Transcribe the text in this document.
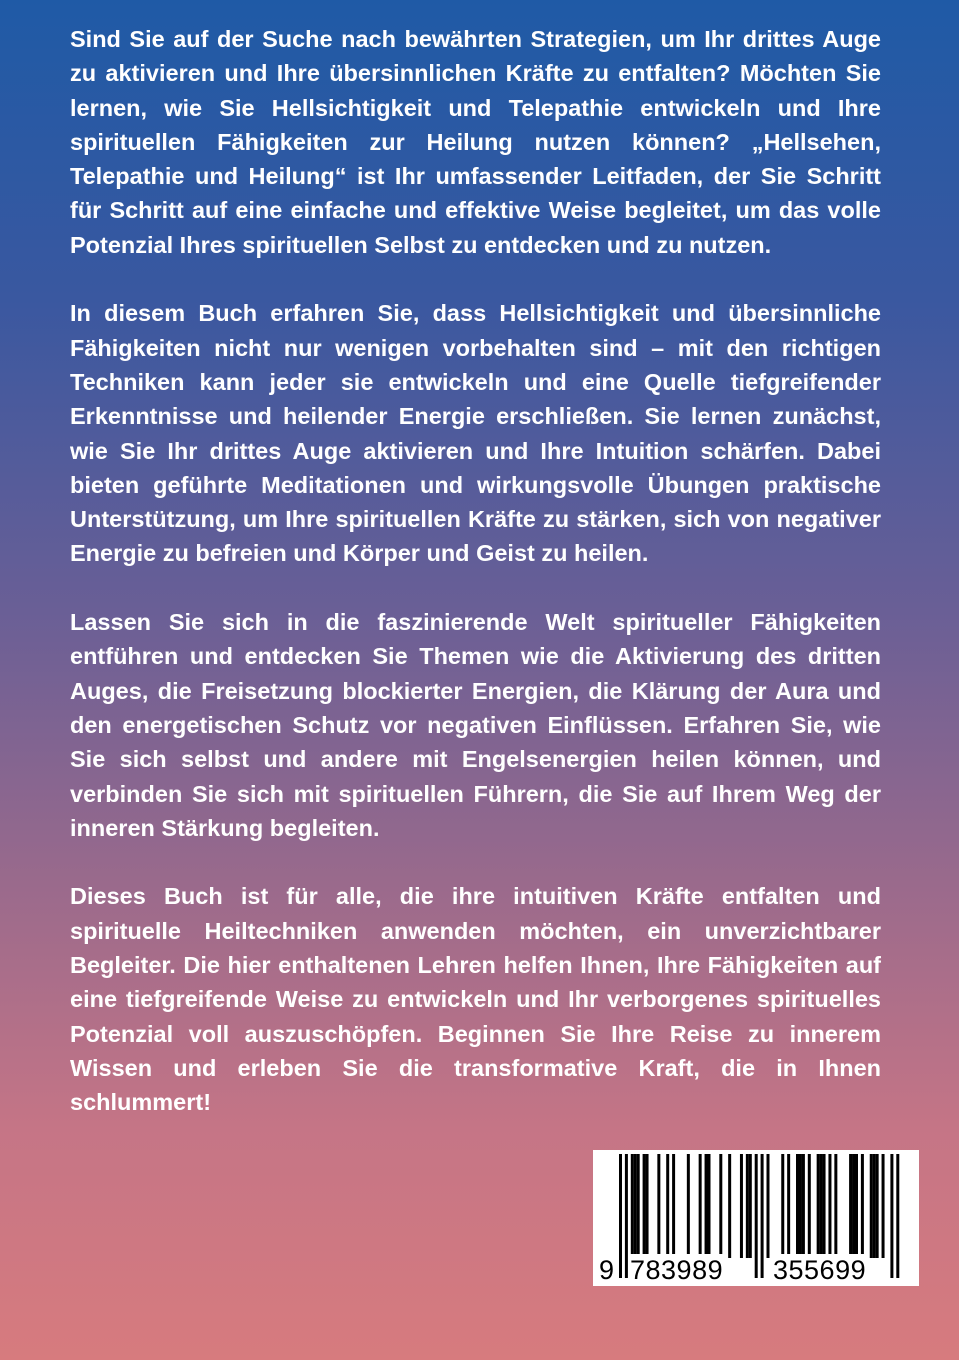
Sind Sie auf der Suche nach bewährten Strategien, um Ihr drittes Auge zu aktivieren und Ihre übersinnlichen Kräfte zu entfalten? Möchten Sie lernen, wie Sie Hellsichtigkeit und Telepathie entwickeln und Ihre spirituellen Fähigkeiten zur Heilung nutzen können? „Hellsehen, Telepathie und Heilung“ ist Ihr umfassender Leitfaden, der Sie Schritt für Schritt auf eine einfache und effektive Weise begleitet, um das volle Potenzial Ihres spirituellen Selbst zu entdecken und zu nutzen.

In diesem Buch erfahren Sie, dass Hellsichtigkeit und übersinnliche Fähigkeiten nicht nur wenigen vorbehalten sind – mit den richtigen Techniken kann jeder sie entwickeln und eine Quelle tiefgreifender Erkenntnisse und heilender Energie erschließen. Sie lernen zunächst, wie Sie Ihr drittes Auge aktivieren und Ihre Intuition schärfen. Dabei bieten geführte Meditationen und wirkungsvolle Übungen praktische Unterstützung, um Ihre spirituellen Kräfte zu stärken, sich von negativer Energie zu befreien und Körper und Geist zu heilen.

Lassen Sie sich in die faszinierende Welt spiritueller Fähigkeiten entführen und entdecken Sie Themen wie die Aktivierung des dritten Auges, die Freisetzung blockierter Energien, die Klärung der Aura und den energetischen Schutz vor negativen Einflüssen. Erfahren Sie, wie Sie sich selbst und andere mit Engelsenergien heilen können, und verbinden Sie sich mit spirituellen Führern, die Sie auf Ihrem Weg der inneren Stärkung begleiten.

Dieses Buch ist für alle, die ihre intuitiven Kräfte entfalten und spirituelle Heiltechniken anwenden möchten, ein unverzichtbarer Begleiter. Die hier enthaltenen Lehren helfen Ihnen, Ihre Fähigkeiten auf eine tiefgreifende Weise zu entwickeln und Ihr verborgenes spirituelles Potenzial voll auszuschöpfen. Beginnen Sie Ihre Reise zu innerem Wissen und erleben Sie die transformative Kraft, die in Ihnen schlummert!

9 783989 355699
